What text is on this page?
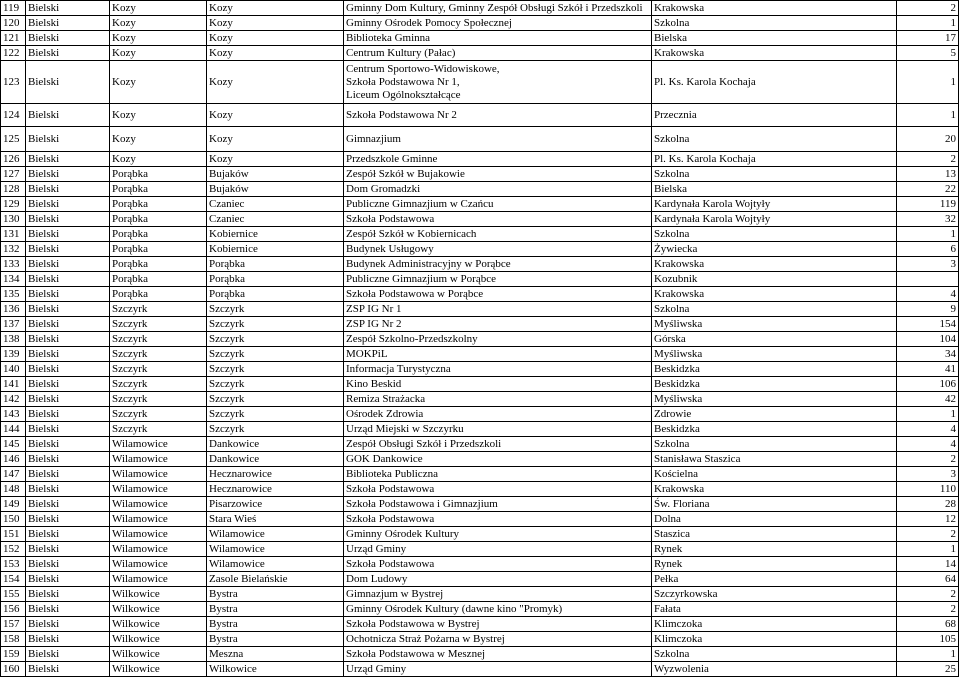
119	Bielski	Kozy	Kozy	Gminny Dom Kultury, Gminny Zespół Obsługi Szkół i Przedszkoli	Krakowska	2
120	Bielski	Kozy	Kozy	Gminny Ośrodek Pomocy Społecznej	Szkolna	1
121	Bielski	Kozy	Kozy	Biblioteka Gminna	Bielska	17
122	Bielski	Kozy	Kozy	Centrum Kultury (Pałac)	Krakowska	5
123	Bielski	Kozy	Kozy	Centrum Sportowo-Widowiskowe,
Szkoła Podstawowa Nr 1,
Liceum Ogólnokształcące	Pl. Ks. Karola Kochaja	1
124	Bielski	Kozy	Kozy	Szkoła Podstawowa Nr 2	Przecznia	1
125	Bielski	Kozy	Kozy	Gimnazjium	Szkolna	20
126	Bielski	Kozy	Kozy	Przedszkole Gminne	Pl. Ks. Karola Kochaja	2
127	Bielski	Porąbka	Bujaków	Zespół Szkół w Bujakowie	Szkolna	13
128	Bielski	Porąbka	Bujaków	Dom Gromadzki	Bielska	22
129	Bielski	Porąbka	Czaniec	Publiczne Gimnazjium w Czańcu	Kardynała Karola Wojtyły	119
130	Bielski	Porąbka	Czaniec	Szkoła Podstawowa	Kardynała Karola Wojtyły	32
131	Bielski	Porąbka	Kobiernice	Zespół Szkół w Kobiernicach	Szkolna	1
132	Bielski	Porąbka	Kobiernice	Budynek Usługowy	Żywiecka	6
133	Bielski	Porąbka	Porąbka	Budynek Administracyjny w Porąbce	Krakowska	3
134	Bielski	Porąbka	Porąbka	Publiczne Gimnazjium w Porąbce	Kozubnik	
135	Bielski	Porąbka	Porąbka	Szkoła Podstawowa w Porąbce	Krakowska	4
136	Bielski	Szczyrk	Szczyrk	ZSP IG Nr 1	Szkolna	9
137	Bielski	Szczyrk	Szczyrk	ZSP IG Nr 2	Myśliwska	154
138	Bielski	Szczyrk	Szczyrk	Zespół Szkolno-Przedszkolny	Górska	104
139	Bielski	Szczyrk	Szczyrk	MOKPiL	Myśliwska	34
140	Bielski	Szczyrk	Szczyrk	Informacja Turystyczna	Beskidzka	41
141	Bielski	Szczyrk	Szczyrk	Kino Beskid	Beskidzka	106
142	Bielski	Szczyrk	Szczyrk	Remiza Strażacka	Myśliwska	42
143	Bielski	Szczyrk	Szczyrk	Ośrodek Zdrowia	Zdrowie	1
144	Bielski	Szczyrk	Szczyrk	Urząd Miejski w Szczyrku	Beskidzka	4
145	Bielski	Wilamowice	Dankowice	Zespół Obsługi Szkół i Przedszkoli	Szkolna	4
146	Bielski	Wilamowice	Dankowice	GOK Dankowice	Stanisława Staszica	2
147	Bielski	Wilamowice	Hecznarowice	Biblioteka Publiczna	Kościelna	3
148	Bielski	Wilamowice	Hecznarowice	Szkoła Podstawowa	Krakowska	110
149	Bielski	Wilamowice	Pisarzowice	Szkoła Podstawowa i Gimnazjium	Św. Floriana	28
150	Bielski	Wilamowice	Stara Wieś	Szkoła Podstawowa	Dolna	12
151	Bielski	Wilamowice	Wilamowice	Gminny Ośrodek Kultury	Staszica	2
152	Bielski	Wilamowice	Wilamowice	Urząd Gminy	Rynek	1
153	Bielski	Wilamowice	Wilamowice	Szkoła Podstawowa	Rynek	14
154	Bielski	Wilamowice	Zasole Bielańskie	Dom Ludowy	Pełka	64
155	Bielski	Wilkowice	Bystra	Gimnazjum w Bystrej	Szczyrkowska	2
156	Bielski	Wilkowice	Bystra	Gminny Ośrodek Kultury (dawne kino "Promyk)	Fałata	2
157	Bielski	Wilkowice	Bystra	Szkoła Podstawowa w Bystrej	Klimczoka	68
158	Bielski	Wilkowice	Bystra	Ochotnicza Straż Pożarna w Bystrej	Klimczoka	105
159	Bielski	Wilkowice	Meszna	Szkoła Podstawowa w Mesznej	Szkolna	1
160	Bielski	Wilkowice	Wilkowice	Urząd Gminy	Wyzwolenia	25
